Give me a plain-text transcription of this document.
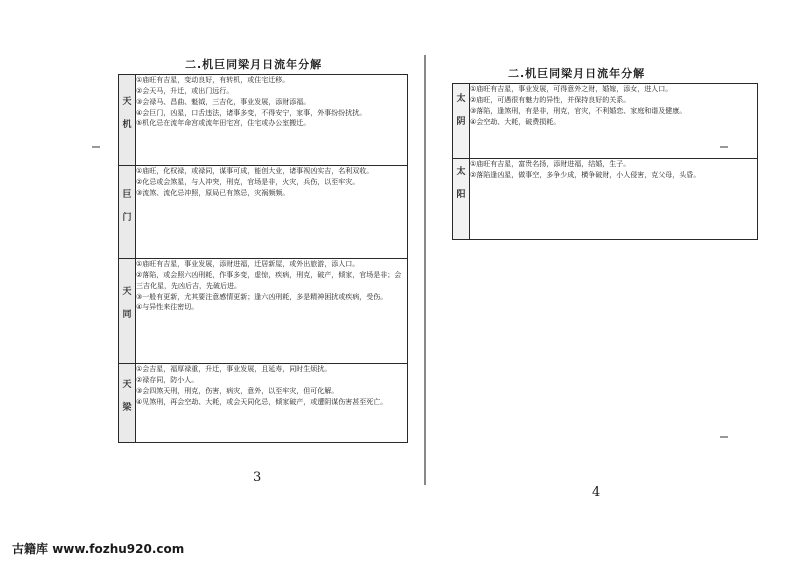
二.机巨同梁月日流年分解
天

机	①庙旺有吉星，变动良好，有转机，或住宅迁移。
②会天马，升迁，或出门远行。
③会禄马、昌曲、魁钺，三吉化，事业发展，添财添福。
④会巨门，凶星，口舌违法，诸事多变，不得安宁，家事，外事纷纷扰扰。
⑤机化忌在流年命宫或流年田宅宫，住宅或办公室搬迁。

巨

门	①庙旺，化权禄，或禄同，谋事可成，能创大业，诸事视凶实吉，名利双收。
②化忌或会煞星，与人冲突，刑克，官场是非，火灾，兵伤，以至牢灾。
③流煞、流化忌冲照，原局已有煞忌，灾祸频频。

天

同	①庙旺有吉星，事业发展，添财进福，迁居新屋，或外出旅游，添人口。
②落陷，或会照六凶刑耗，作事多变，虚惊，疾病，刑克，破产，倾家，官场是非；会三吉化星，先凶后吉，先破后进。
③一般有更新，尤其要注意感情更新；逢六凶刑耗，多是精神困扰或疾病，受伤。
④与异性来往密切。

天

梁	①会吉星，福厚禄重，升迁，事业发展，且延寿，同时生烦扰。
②禄存同，防小人。
③会四煞天刑，刑克，伤害，病灾，意外，以至牢灾，但可化解。
④见煞刑，再会空劫、大耗，或会天同化忌，倾家破产，或遭阴谋伤害甚至死亡。
3
二.机巨同梁月日流年分解
太

阴	①庙旺有吉星，事业发展，可得意外之财，婚嫁，添女，进人口。
②庙旺，可遇很有魅力的异性，并保持良好的关系。
③落陷，逢煞刑，有是非，刑克，官灾，不利婚恋、家庭和谐及健康。
④会空劫、大耗，破费损耗。

太

阳	①庙旺有吉星，富贵名扬，添财进福，结婚，生子。
②落陷逢凶星，做事空，多争少成，横争破财，小人侵害，克父母，头昏。
4
古籍库 www.fozhu920.com
